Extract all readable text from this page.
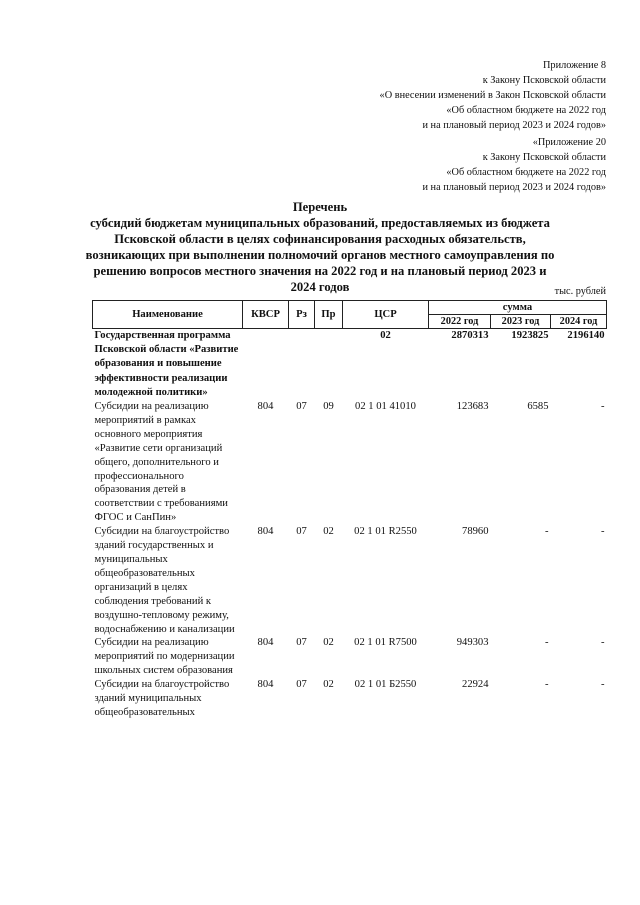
Приложение 8
к Закону Псковской области
«О внесении изменений в Закон Псковской области
«Об областном бюджете на 2022 год
и на плановый период 2023 и 2024 годов»
«Приложение 20
к Закону Псковской области
«Об областном бюджете на 2022 год
и на плановый период 2023 и 2024 годов»
Перечень
субсидий бюджетам муниципальных образований, предоставляемых из бюджета Псковской области в целях софинансирования расходных обязательств, возникающих при выполнении полномочий органов местного самоуправления по решению вопросов местного значения на 2022 год и на плановый период 2023 и 2024 годов	тыс. рублей
Наименование	КВСР	Рз	Пр	ЦСР	сумма		
					2022 год	2023 год	2024 год
Государственная программа Псковской области «Развитие образования и повышение эффективности реализации молодежной политики»				02	2870313	1923825	2196140
Субсидии на реализацию мероприятий в рамках основного мероприятия «Развитие сети организаций общего, дополнительного и профессионального образования детей в соответствии с требованиями ФГОС и СанПин»	804	07	09	02 1 01 41010	123683	6585	-
Субсидии на благоустройство зданий государственных и муниципальных общеобразовательных организаций в целях соблюдения требований к воздушно-тепловому режиму, водоснабжению и канализации	804	07	02	02 1 01 R2550	78960	-	-
Субсидии на реализацию мероприятий по модернизации школьных систем образования	804	07	02	02 1 01 R7500	949303	-	-
Субсидии на благоустройство зданий муниципальных общеобразовательных	804	07	02	02 1 01 Б2550	22924	-	-
